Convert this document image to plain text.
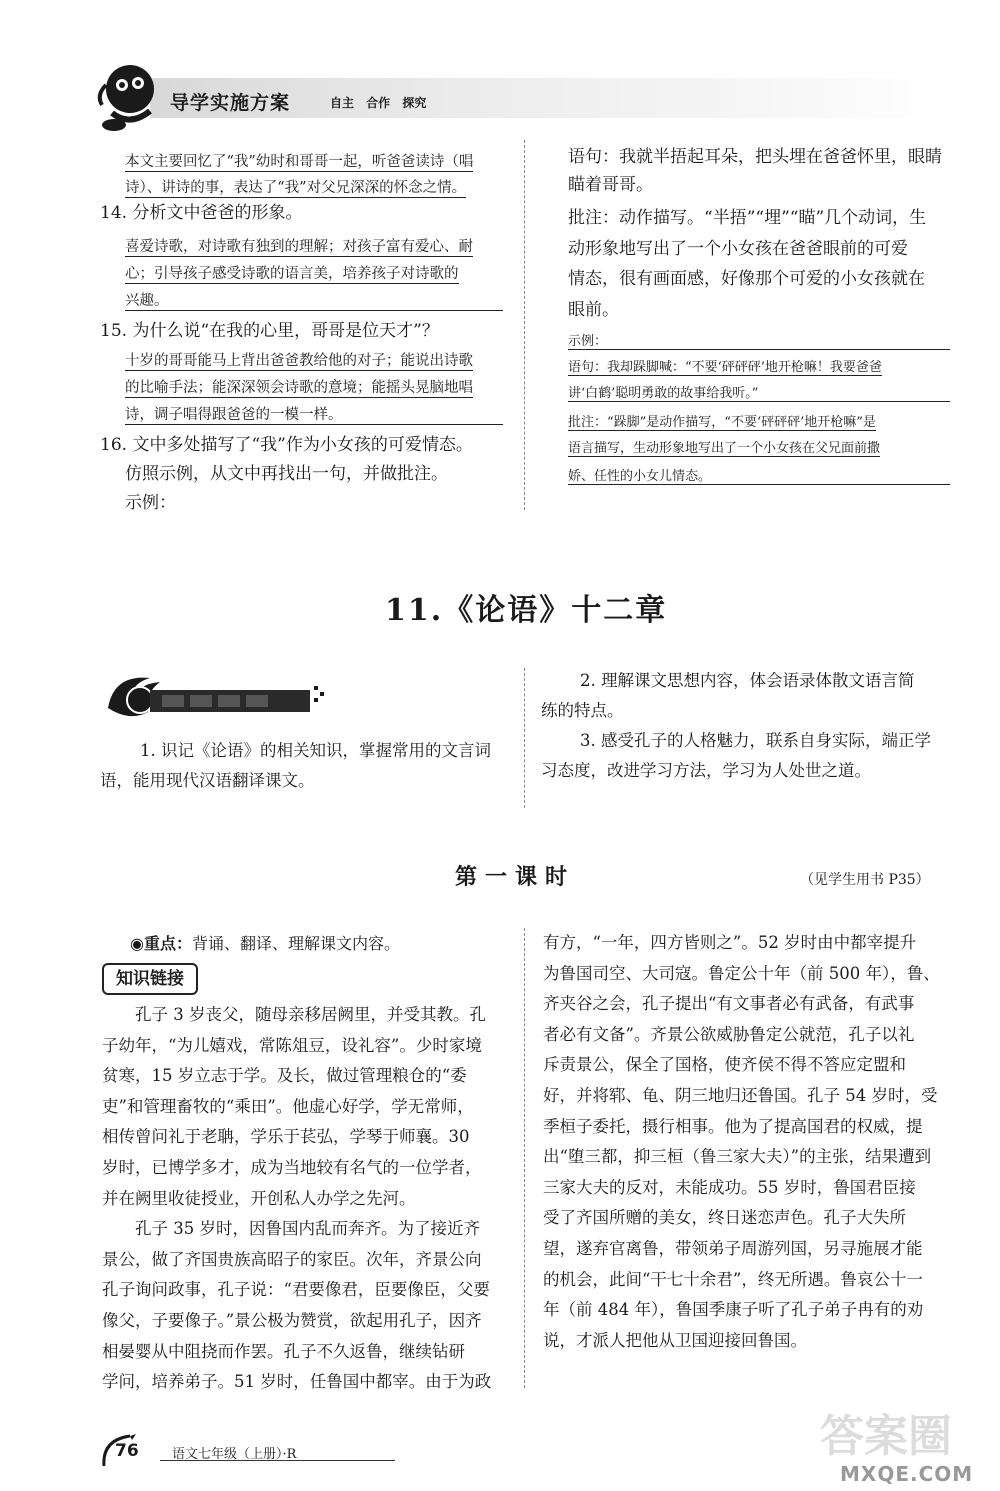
导学实施方案	自主 合作 探究
本文主要回忆了“我”幼时和哥哥一起，听爸爸读诗（唱
诗）、讲诗的事，表达了“我”对父兄深深的怀念之情。
14. 分析文中爸爸的形象。
喜爱诗歌，对诗歌有独到的理解；对孩子富有爱心、耐
心；引导孩子感受诗歌的语言美，培养孩子对诗歌的
兴趣。
15. 为什么说“在我的心里，哥哥是位天才”？
十岁的哥哥能马上背出爸爸教给他的对子；能说出诗歌
的比喻手法；能深深领会诗歌的意境；能摇头晃脑地唱
诗，调子唱得跟爸爸的一模一样。
16. 文中多处描写了“我”作为小女孩的可爱情态。
仿照示例，从文中再找出一句，并做批注。
示例：
语句：我就半捂起耳朵，把头埋在爸爸怀里，眼睛
瞄着哥哥。
批注：动作描写。“半捂”“埋”“瞄”几个动词，生
动形象地写出了一个小女孩在爸爸眼前的可爱
情态，很有画面感，好像那个可爱的小女孩就在
眼前。
示例：
语句：我却跺脚喊：“不要‘砰砰砰’地开枪嘛！我要爸爸
讲‘白鹤’聪明勇敢的故事给我听。”
批注：“跺脚”是动作描写，“不要‘砰砰砰’地开枪嘛”是
语言描写，生动形象地写出了一个小女孩在父兄面前撒
娇、任性的小女儿情态。
11.《论语》十二章
1. 识记《论语》的相关知识，掌握常用的文言词
语，能用现代汉语翻译课文。
2. 理解课文思想内容，体会语录体散文语言简
练的特点。
3. 感受孔子的人格魅力，联系自身实际，端正学
习态度，改进学习方法，学习为人处世之道。
第一课时	（见学生用书 P35）
◉重点：背诵、翻译、理解课文内容。
知识链接
　　孔子 3 岁丧父，随母亲移居阙里，并受其教。孔
子幼年，“为儿嬉戏，常陈俎豆，设礼容”。少时家境
贫寒，15 岁立志于学。及长，做过管理粮仓的“委
吏”和管理畜牧的“乘田”。他虚心好学，学无常师，
相传曾问礼于老聃，学乐于苌弘，学琴于师襄。30
岁时，已博学多才，成为当地较有名气的一位学者，
并在阙里收徒授业，开创私人办学之先河。
　　孔子 35 岁时，因鲁国内乱而奔齐。为了接近齐
景公，做了齐国贵族高昭子的家臣。次年，齐景公向
孔子询问政事，孔子说：“君要像君，臣要像臣，父要
像父，子要像子。”景公极为赞赏，欲起用孔子，因齐
相晏婴从中阻挠而作罢。孔子不久返鲁，继续钻研
学问，培养弟子。51 岁时，任鲁国中都宰。由于为政
有方，“一年，四方皆则之”。52 岁时由中都宰提升
为鲁国司空、大司寇。鲁定公十年（前 500 年），鲁、
齐夹谷之会，孔子提出“有文事者必有武备，有武事
者必有文备”。齐景公欲威胁鲁定公就范，孔子以礼
斥责景公，保全了国格，使齐侯不得不答应定盟和
好，并将郓、龟、阴三地归还鲁国。孔子 54 岁时，受
季桓子委托，摄行相事。他为了提高国君的权威，提
出“堕三都，抑三桓（鲁三家大夫）”的主张，结果遭到
三家大夫的反对，未能成功。55 岁时，鲁国君臣接
受了齐国所赠的美女，终日迷恋声色。孔子大失所
望，遂弃官离鲁，带领弟子周游列国，另寻施展才能
的机会，此间“干七十余君”，终无所遇。鲁哀公十一
年（前 484 年），鲁国季康子听了孔子弟子冉有的劝
说，才派人把他从卫国迎接回鲁国。
76	语文七年级（上册）·R	答案圈
MXQE.COM
